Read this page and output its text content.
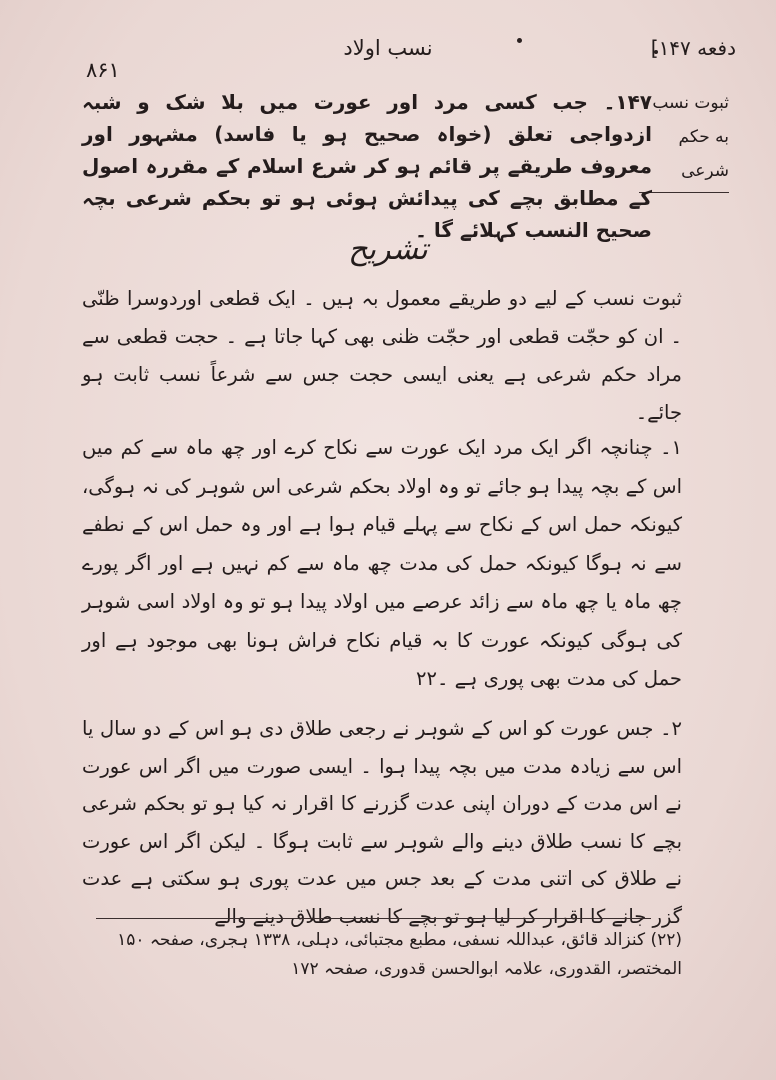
۸۶۱
نسب اولاد	دفعه ۱۴۷]
ثبوت نسب
به حکم شرعی
۱۴۷۔ جب کسی مرد اور عورت میں بلا شک و شبہ ازدواجی تعلق (خواہ صحیح ہو یا فاسد) مشہور اور معروف طریقے پر قائم ہو کر شرع اسلام کے مقررہ اصول کے مطابق بچے کی پیدائش ہوئی ہو تو بحکم شرعی بچہ صحیح النسب کہلائے گا ۔
تشریح
ثبوت نسب کے لیے دو طریقے معمول بہ ہیں ۔ ایک قطعی اوردوسرا ظنّی ۔ ان کو حجّت قطعی اور حجّت ظنی بھی کہا جاتا ہے ۔ حجت قطعی سے مراد حکم شرعی ہے یعنی ایسی حجت جس سے شرعاً نسب ثابت ہو جائے۔
۱۔ چنانچہ اگر ایک مرد ایک عورت سے نکاح کرے اور چھ ماہ سے کم میں اس کے بچہ پیدا ہو جائے تو وہ اولاد بحکم شرعی اس شوہر کی نہ ہوگی، کیونکہ حمل اس کے نکاح سے پہلے قیام ہوا ہے اور وہ حمل اس کے نطفے سے نہ ہوگا کیونکہ حمل کی مدت چھ ماہ سے کم نہیں ہے اور اگر پورے چھ ماہ یا چھ ماہ سے زائد عرصے میں اولاد پیدا ہو تو وہ اولاد اسی شوہر کی ہوگی کیونکہ عورت کا بہ قیام نکاح فراش ہونا بھی موجود ہے اور حمل کی مدت بھی پوری ہے ۔۲۲
۲۔ جس عورت کو اس کے شوہر نے رجعی طلاق دی ہو اس کے دو سال یا اس سے زیادہ مدت میں بچہ پیدا ہوا ۔ ایسی صورت میں اگر اس عورت نے اس مدت کے دوران اپنی عدت گزرنے کا اقرار نہ کیا ہو تو بحکم شرعی بچے کا نسب طلاق دینے والے شوہر سے ثابت ہوگا ۔ لیکن اگر اس عورت نے طلاق کی اتنی مدت کے بعد جس میں عدت پوری ہو سکتی ہے عدت گزر جانے کا اقرار کر لیا ہو تو بچے کا نسب طلاق دینے والے
(۲۲) کنزالد قائق، عبداللہ نسفی، مطبع مجتبائی، دہلی، ۱۳۳۸ ہجری، صفحہ ۱۵۰
المختصر، القدوری، علامہ ابوالحسن قدوری، صفحہ ۱۷۲
